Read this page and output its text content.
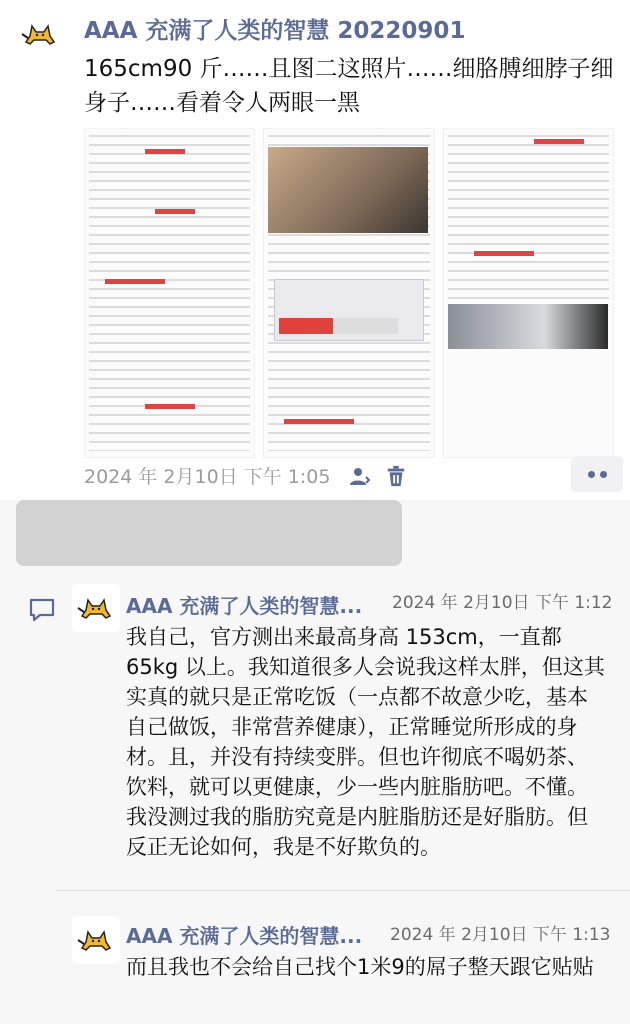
AAA 充满了人类的智慧 20220901
165cm90 斤……且图二这照片……细胳膊细脖子细身子……看着令人两眼一黑
2024 年 2月10日 下午 1:05
AAA 充满了人类的智慧... 2024 年 2月10日 下午 1:12
我自己，官方测出来最高身高 153cm，一直都 65kg 以上。我知道很多人会说我这样太胖，但这其实真的就只是正常吃饭（一点都不故意少吃，基本自己做饭，非常营养健康），正常睡觉所形成的身材。且，并没有持续变胖。但也许彻底不喝奶茶、饮料，就可以更健康，少一些内脏脂肪吧。不懂。我没测过我的脂肪究竟是内脏脂肪还是好脂肪。但反正无论如何，我是不好欺负的。
AAA 充满了人类的智慧... 2024 年 2月10日 下午 1:13
而且我也不会给自己找个1米9的屌子整天跟它贴贴
